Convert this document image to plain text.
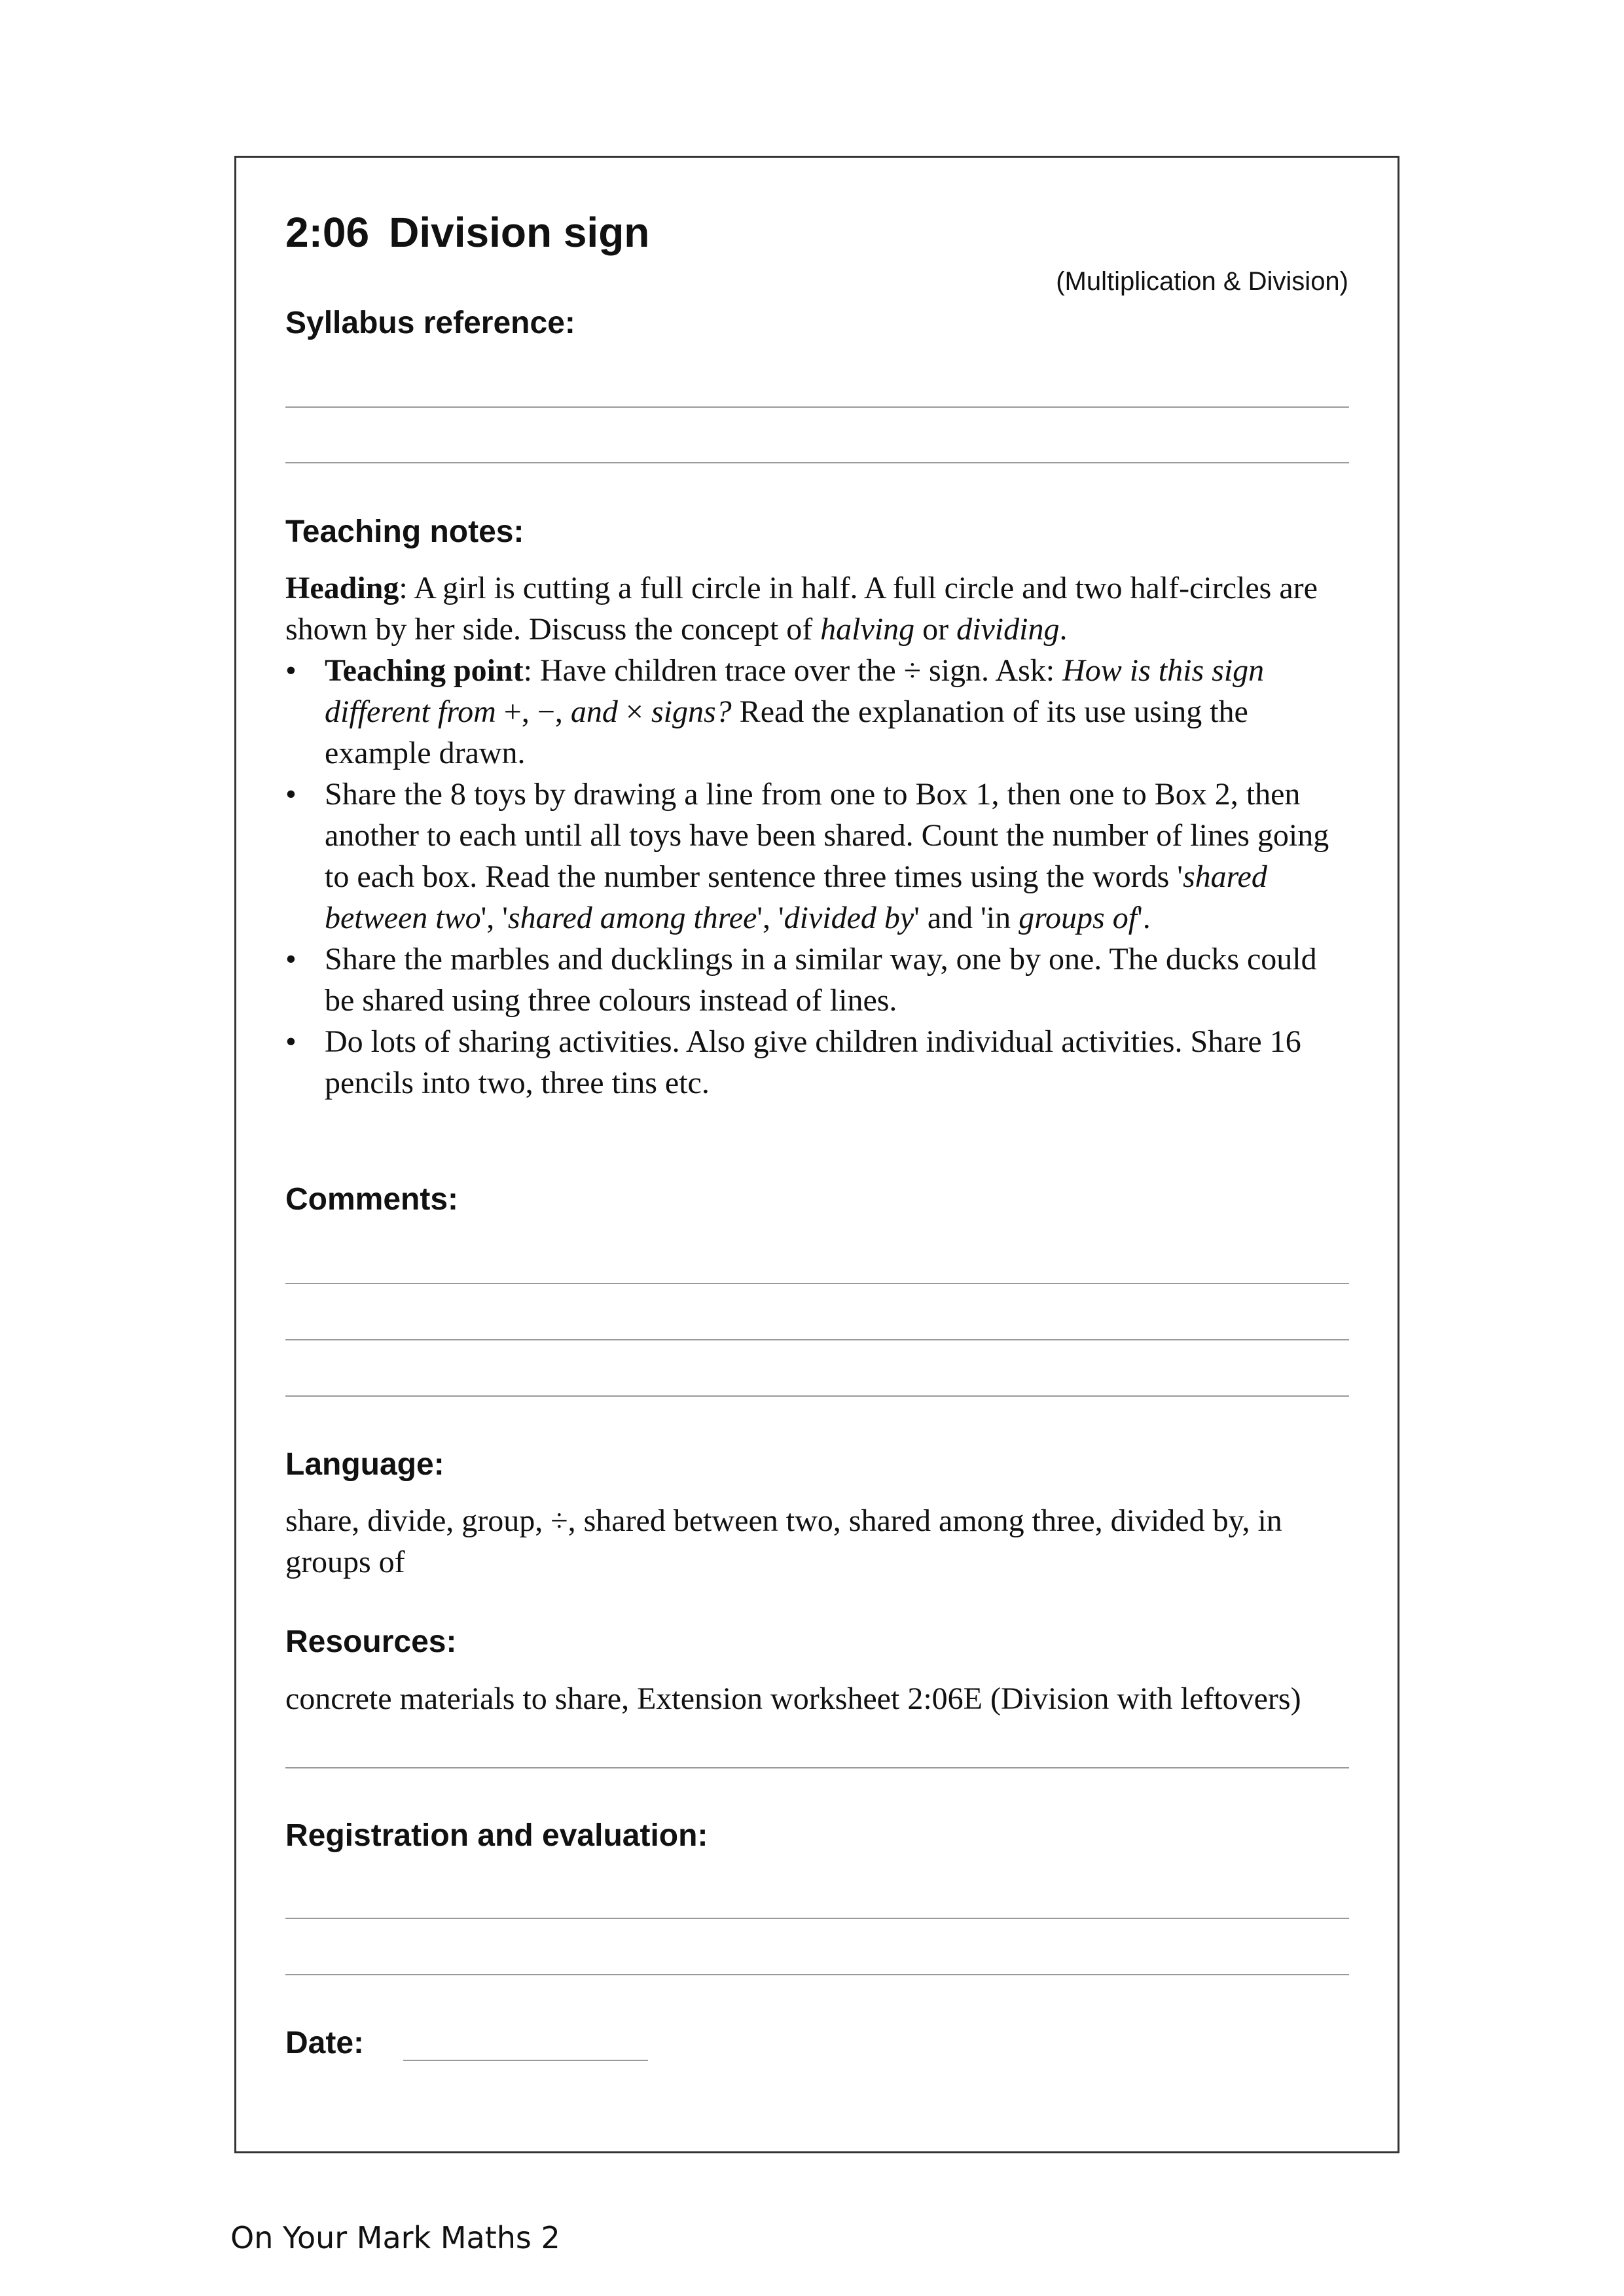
2:06 Division sign
(Multiplication & Division)
Syllabus reference:
Teaching notes:
Heading: A girl is cutting a full circle in half. A full circle and two half-circles are shown by her side. Discuss the concept of halving or dividing.
• Teaching point: Have children trace over the ÷ sign. Ask: How is this sign different from +, −, and × signs? Read the explanation of its use using the example drawn.
• Share the 8 toys by drawing a line from one to Box 1, then one to Box 2, then another to each until all toys have been shared. Count the number of lines going to each box. Read the number sentence three times using the words 'shared between two', 'shared among three', 'divided by' and 'in groups of'.
• Share the marbles and ducklings in a similar way, one by one. The ducks could be shared using three colours instead of lines.
• Do lots of sharing activities. Also give children individual activities. Share 16 pencils into two, three tins etc.
Comments:
Language:
share, divide, group, ÷, shared between two, shared among three, divided by, in groups of
Resources:
concrete materials to share, Extension worksheet 2:06E (Division with leftovers)
Registration and evaluation:
Date:
On Your Mark Maths 2
